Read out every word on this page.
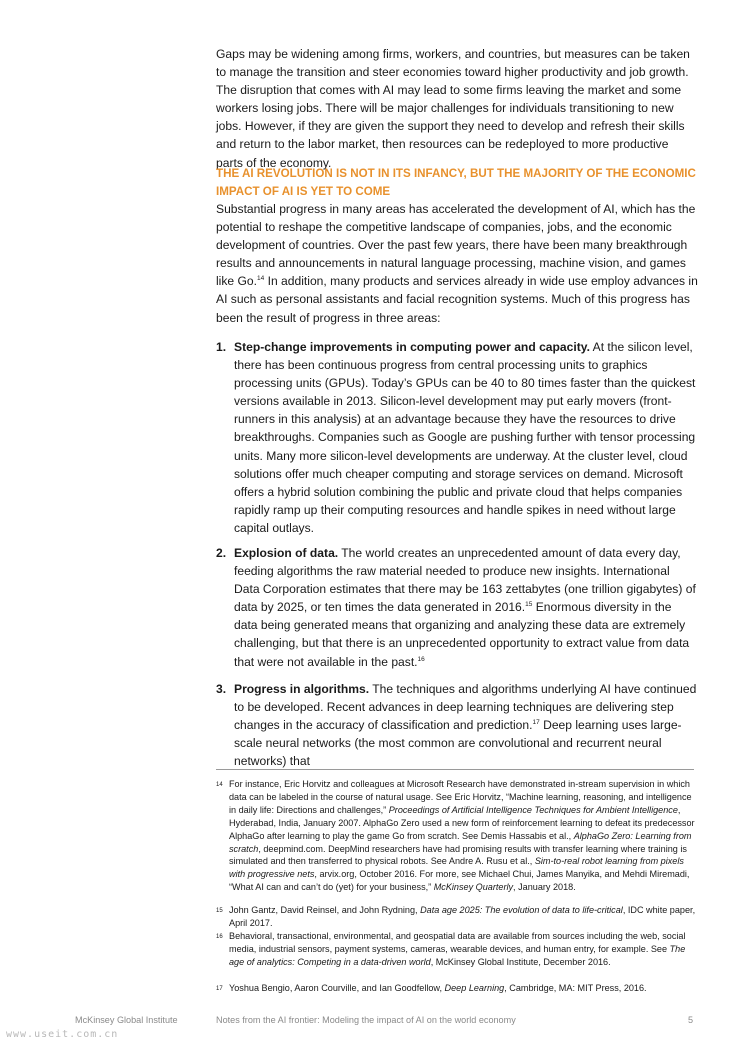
Gaps may be widening among firms, workers, and countries, but measures can be taken to manage the transition and steer economies toward higher productivity and job growth. The disruption that comes with AI may lead to some firms leaving the market and some workers losing jobs. There will be major challenges for individuals transitioning to new jobs. However, if they are given the support they need to develop and refresh their skills and return to the labor market, then resources can be redeployed to more productive parts of the economy.

THE AI REVOLUTION IS NOT IN ITS INFANCY, BUT THE MAJORITY OF THE ECONOMIC IMPACT OF AI IS YET TO COME

Substantial progress in many areas has accelerated the development of AI, which has the potential to reshape the competitive landscape of companies, jobs, and the economic development of countries. Over the past few years, there have been many breakthrough results and announcements in natural language processing, machine vision, and games like Go.$^{14}$ In addition, many products and services already in wide use employ advances in AI such as personal assistants and facial recognition systems. Much of this progress has been the result of progress in three areas:

1. Step-change improvements in computing power and capacity. At the silicon level, there has been continuous progress from central processing units to graphics processing units (GPUs). Today’s GPUs can be 40 to 80 times faster than the quickest versions available in 2013. Silicon-level development may put early movers (front-runners in this analysis) at an advantage because they have the resources to drive breakthroughs. Companies such as Google are pushing further with tensor processing units. Many more silicon-level developments are underway. At the cluster level, cloud solutions offer much cheaper computing and storage services on demand. Microsoft offers a hybrid solution combining the public and private cloud that helps companies rapidly ramp up their computing resources and handle spikes in need without large capital outlays.
2. Explosion of data. The world creates an unprecedented amount of data every day, feeding algorithms the raw material needed to produce new insights. International Data Corporation estimates that there may be 163 zettabytes (one trillion gigabytes) of data by 2025, or ten times the data generated in 2016.15 Enormous diversity in the data being generated means that organizing and analyzing these data are extremely challenging, but that there is an unprecedented opportunity to extract value from data that were not available in the past.$^{16}$
3. Progress in algorithms. The techniques and algorithms underlying AI have continued to be developed. Recent advances in deep learning techniques are delivering step changes in the accuracy of classification and prediction.$^{17}$ Deep learning uses large-scale neural networks (the most common are convolutional and recurrent neural networks) that
14 For instance, Eric Horvitz and colleagues at Microsoft Research have demonstrated in-stream supervision in which data can be labeled in the course of natural usage. See Eric Horvitz, “Machine learning, reasoning, and intelligence in daily life: Directions and challenges,” Proceedings of Artificial Intelligence Techniques for Ambient Intelligence, Hyderabad, India, January 2007. AlphaGo Zero used a new form of reinforcement learning to defeat its predecessor AlphaGo after learning to play the game Go from scratch. See Demis Hassabis et al., AlphaGo Zero: Learning from scratch, deepmind.com. DeepMind researchers have had promising results with transfer learning where training is simulated and then transferred to physical robots. See Andre A. Rusu et al., Sim-to-real robot learning from pixels with progressive nets, arvix.org, October 2016. For more, see Michael Chui, James Manyika, and Mehdi Miremadi, “What AI can and can’t do (yet) for your business,” McKinsey Quarterly, January 2018.
15 John Gantz, David Reinsel, and John Rydning, Data age 2025: The evolution of data to life-critical, IDC white paper, April 2017.
16 Behavioral, transactional, environmental, and geospatial data are available from sources including the web, social media, industrial sensors, payment systems, cameras, wearable devices, and human entry, for example. See The age of analytics: Competing in a data-driven world, McKinsey Global Institute, December 2016.
17 Yoshua Bengio, Aaron Courville, and Ian Goodfellow, Deep Learning, Cambridge, MA: MIT Press, 2016.
McKinsey Global Institute	Notes from the AI frontier: Modeling the impact of AI on the world economy	5
www.useit.com.cn
